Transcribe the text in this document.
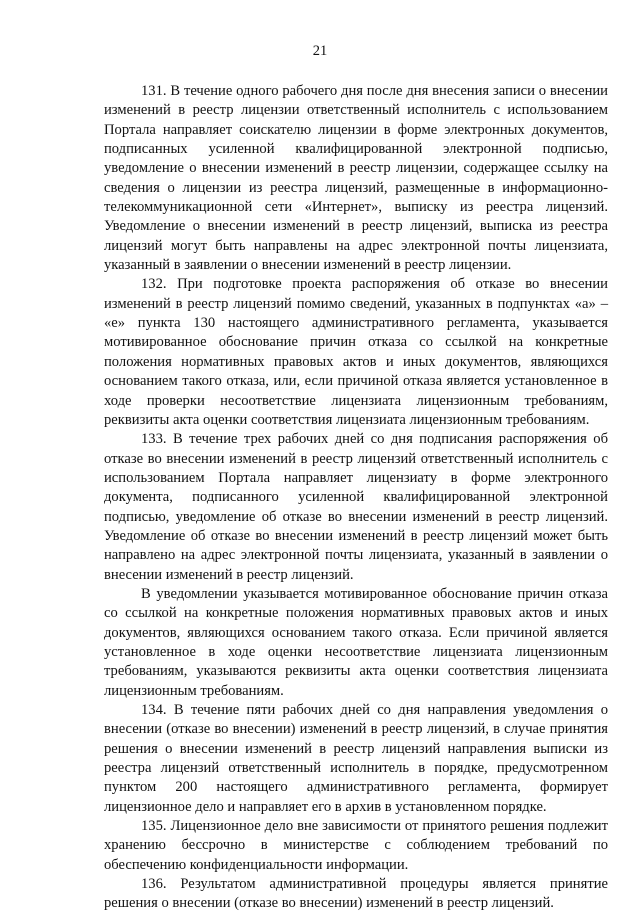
21

131. В течение одного рабочего дня после дня внесения записи о внесении изменений в реестр лицензии ответственный исполнитель с использованием Портала направляет соискателю лицензии в форме электронных документов, подписанных усиленной квалифицированной электронной подписью, уведомление о внесении изменений в реестр лицензии, содержащее ссылку на сведения о лицензии из реестра лицензий, размещенные в информационно-телекоммуникационной сети «Интернет», выписку из реестра лицензий. Уведомление о внесении изменений в реестр лицензий, выписка из реестра лицензий могут быть направлены на адрес электронной почты лицензиата, указанный в заявлении о внесении изменений в реестр лицензии.

132. При подготовке проекта распоряжения об отказе во внесении изменений в реестр лицензий помимо сведений, указанных в подпунктах «а» – «е» пункта 130 настоящего административного регламента, указывается мотивированное обоснование причин отказа со ссылкой на конкретные положения нормативных правовых актов и иных документов, являющихся основанием такого отказа, или, если причиной отказа является установленное в ходе проверки несоответствие лицензиата лицензионным требованиям, реквизиты акта оценки соответствия лицензиата лицензионным требованиям.

133. В течение трех рабочих дней со дня подписания распоряжения об отказе во внесении изменений в реестр лицензий ответственный исполнитель с использованием Портала направляет лицензиату в форме электронного документа, подписанного усиленной квалифицированной электронной подписью, уведомление об отказе во внесении изменений в реестр лицензий. Уведомление об отказе во внесении изменений в реестр лицензий может быть направлено на адрес электронной почты лицензиата, указанный в заявлении о внесении изменений в реестр лицензий.

В уведомлении указывается мотивированное обоснование причин отказа со ссылкой на конкретные положения нормативных правовых актов и иных документов, являющихся основанием такого отказа. Если причиной является установленное в ходе оценки несоответствие лицензиата лицензионным требованиям, указываются реквизиты акта оценки соответствия лицензиата лицензионным требованиям.

134. В течение пяти рабочих дней со дня направления уведомления о внесении (отказе во внесении) изменений в реестр лицензий, в случае принятия решения о внесении изменений в реестр лицензий направления выписки из реестра лицензий ответственный исполнитель в порядке, предусмотренном пунктом 200 настоящего административного регламента, формирует лицензионное дело и направляет его в архив в установленном порядке.

135. Лицензионное дело вне зависимости от принятого решения подлежит хранению бессрочно в министерстве с соблюдением требований по обеспечению конфиденциальности информации.

136. Результатом административной процедуры является принятие решения о внесении (отказе во внесении) изменений в реестр лицензий.
